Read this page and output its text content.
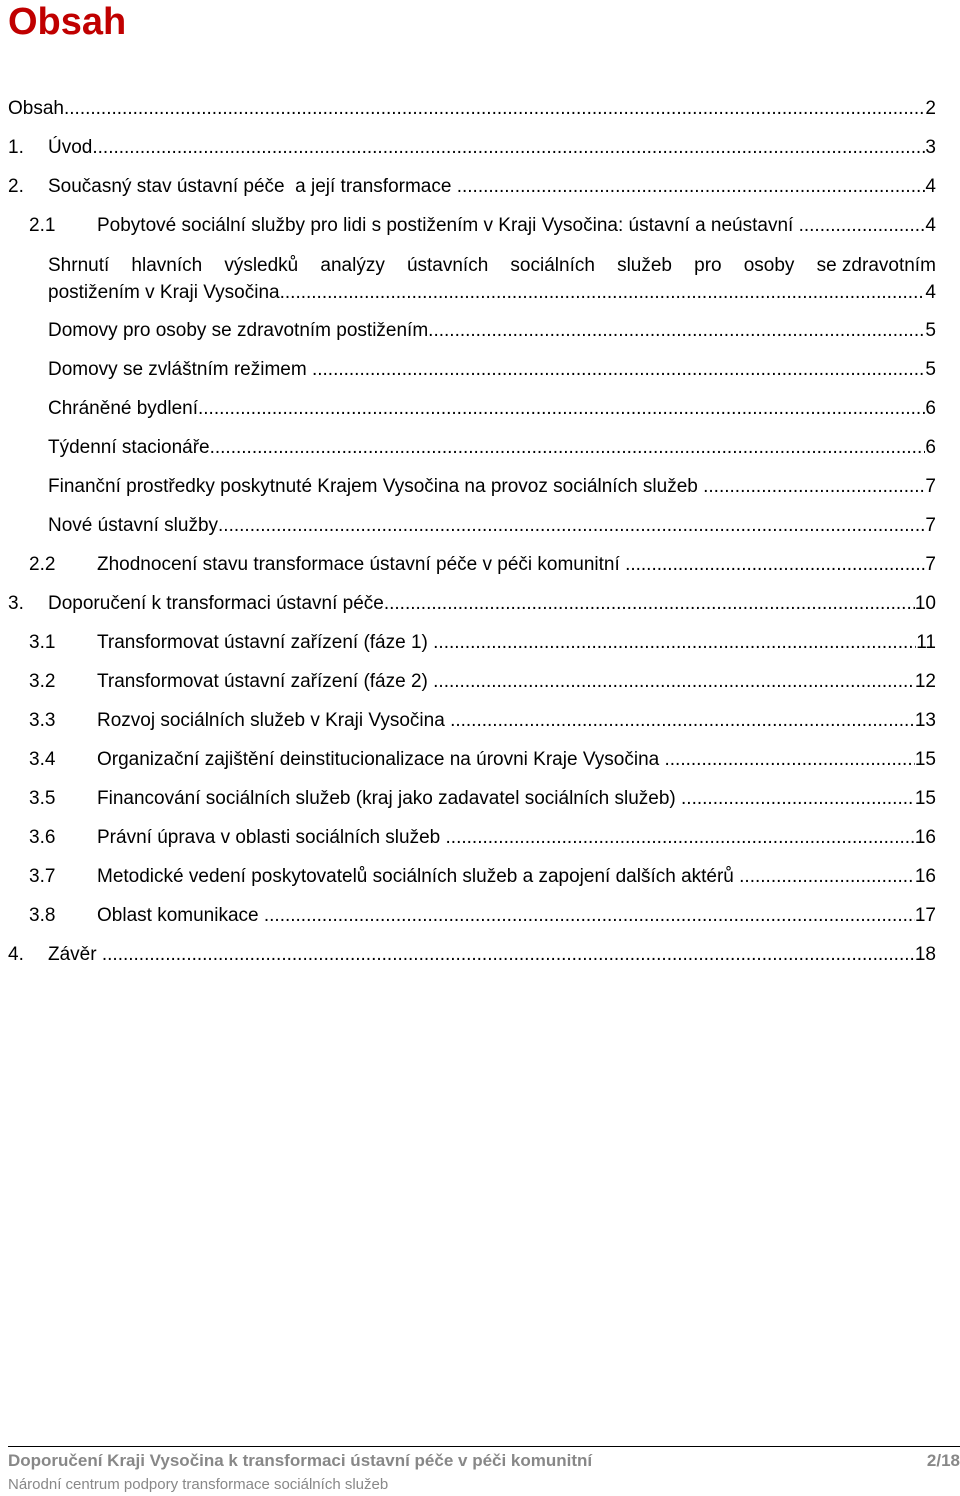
Obsah
Obsah .....	2
1.	Úvod .....	3
2.	Současný stav ústavní péče  a její transformace .....	4
2.1	Pobytové sociální služby pro lidi s postižením v Kraji Vysočina: ústavní a neústavní .....	4
Shrnutí hlavních výsledků analýzy ústavních sociálních služeb pro osoby se zdravotním
postižením v Kraji Vysočina .....	4
Domovy pro osoby se zdravotním postižením .....	5
Domovy se zvláštním režimem .....	5
Chráněné bydlení .....	6
Týdenní stacionáře .....	6
Finanční prostředky poskytnuté Krajem Vysočina na provoz sociálních služeb .....	7
Nové ústavní služby .....	7
2.2	Zhodnocení stavu transformace ústavní péče v péči komunitní .....	7
3.	Doporučení k transformaci ústavní péče .....	10
3.1	Transformovat ústavní zařízení (fáze 1) .....	11
3.2	Transformovat ústavní zařízení (fáze 2) .....	12
3.3	Rozvoj sociálních služeb v Kraji Vysočina .....	13
3.4	Organizační zajištění deinstitucionalizace na úrovni Kraje Vysočina .....	15
3.5	Financování sociálních služeb (kraj jako zadavatel sociálních služeb) .....	15
3.6	Právní úprava v oblasti sociálních služeb .....	16
3.7	Metodické vedení poskytovatelů sociálních služeb a zapojení dalších aktérů .....	16
3.8	Oblast komunikace .....	17
4.	Závěr .....	18
Doporučení Kraji Vysočina k transformaci ústavní péče v péči komunitní	2/18
Národní centrum podpory transformace sociálních služeb
